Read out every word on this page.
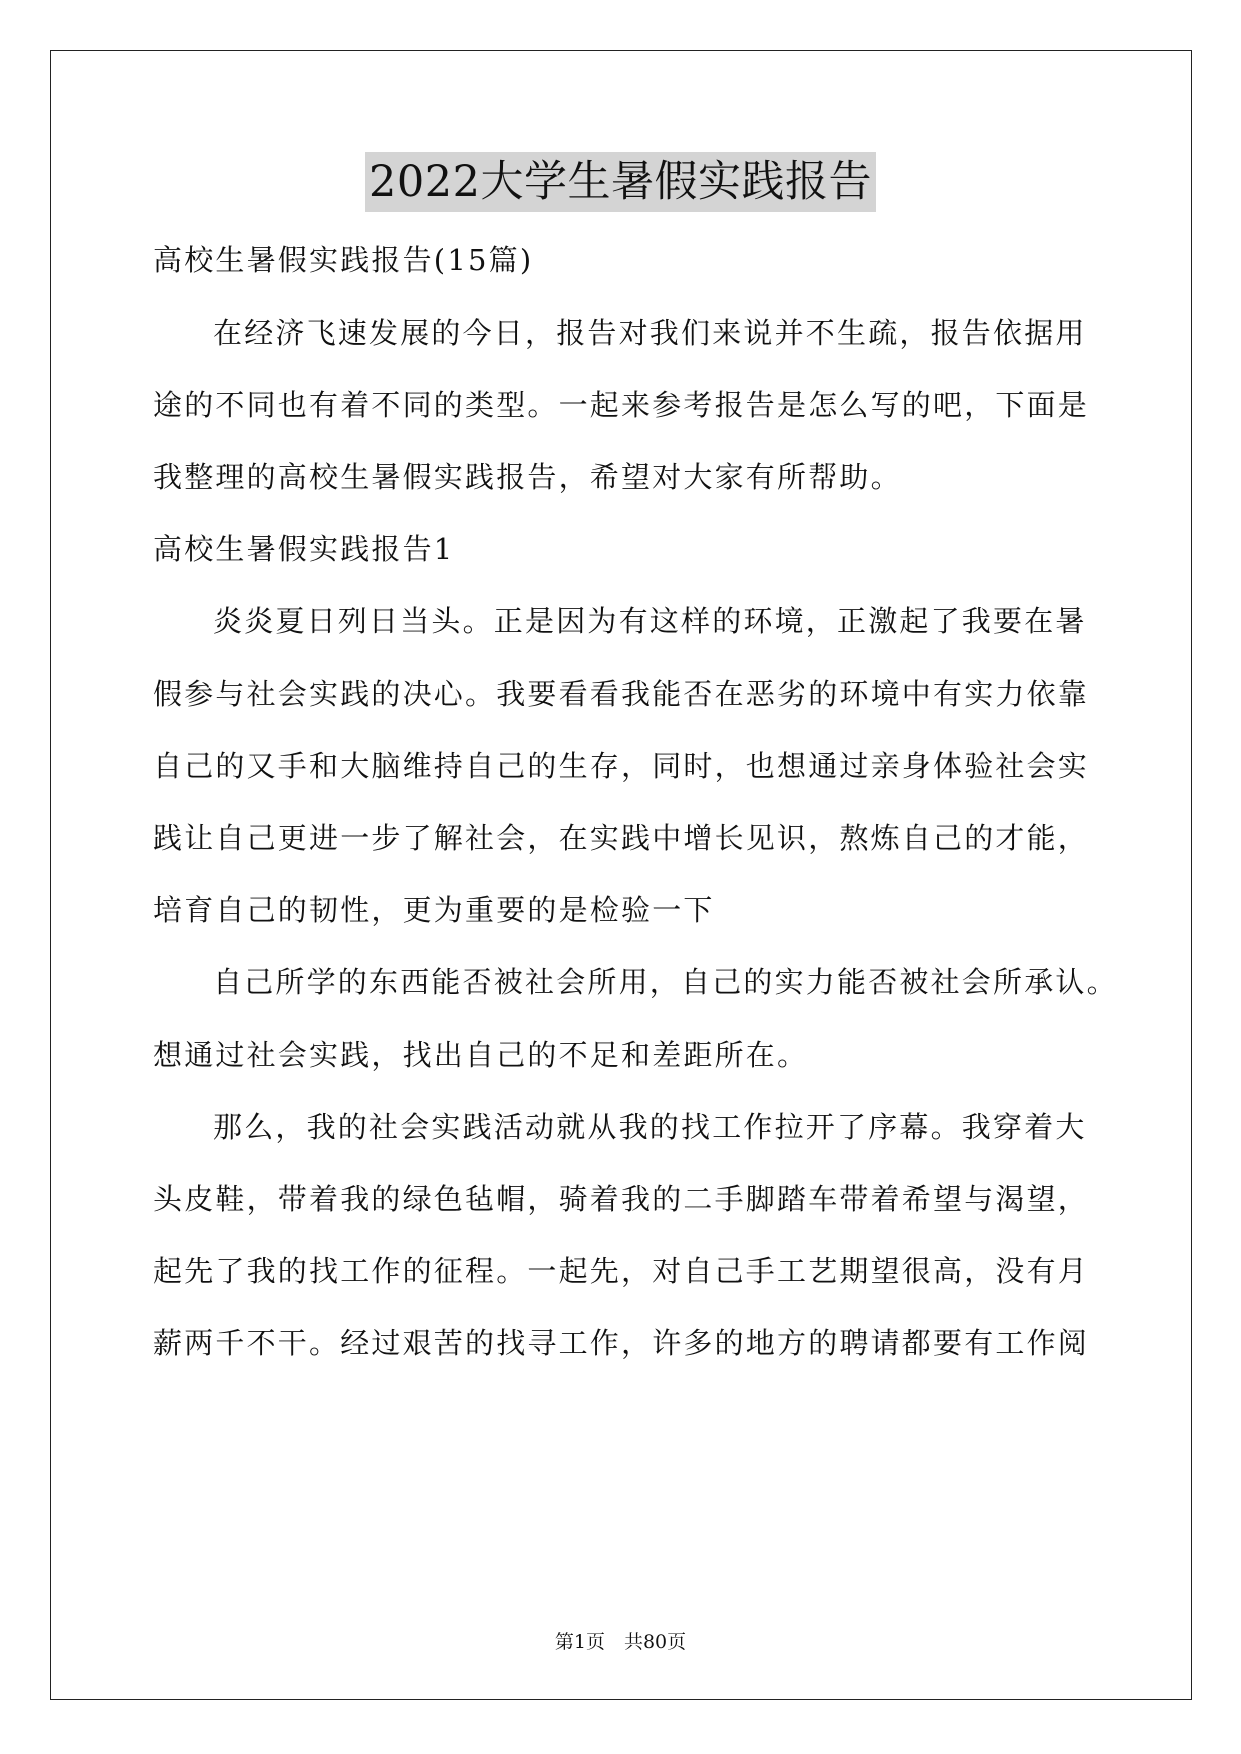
2022大学生暑假实践报告
高校生暑假实践报告(15篇)
在经济飞速发展的今日，报告对我们来说并不生疏，报告依据用
途的不同也有着不同的类型。一起来参考报告是怎么写的吧，下面是
我整理的高校生暑假实践报告，希望对大家有所帮助。
高校生暑假实践报告1
炎炎夏日列日当头。正是因为有这样的环境，正激起了我要在暑
假参与社会实践的决心。我要看看我能否在恶劣的环境中有实力依靠
自己的又手和大脑维持自己的生存，同时，也想通过亲身体验社会实
践让自己更进一步了解社会，在实践中增长见识，熬炼自己的才能，
培育自己的韧性，更为重要的是检验一下
自己所学的东西能否被社会所用，自己的实力能否被社会所承认。
想通过社会实践，找出自己的不足和差距所在。
那么，我的社会实践活动就从我的找工作拉开了序幕。我穿着大
头皮鞋，带着我的绿色毡帽，骑着我的二手脚踏车带着希望与渴望，
起先了我的找工作的征程。一起先，对自己手工艺期望很高，没有月
薪两千不干。经过艰苦的找寻工作，许多的地方的聘请都要有工作阅
第1页　共80页
